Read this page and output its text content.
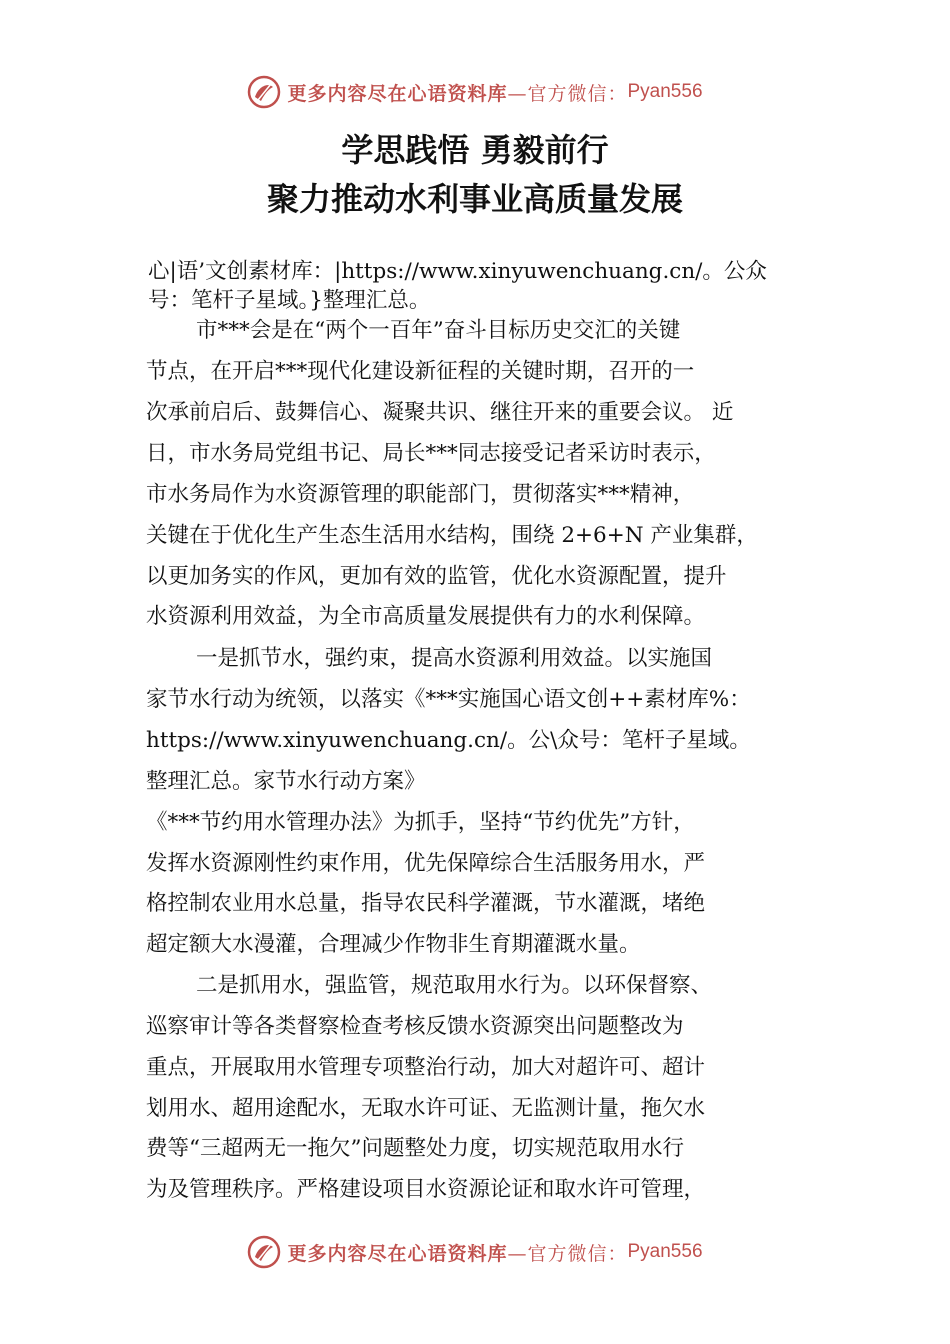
更多内容尽在心语资料库 —官方微信： Pyan556
学思践悟 勇毅前行
聚力推动水利事业高质量发展
心|语’文创素材库：|https://www.xinyuwenchuang.cn/。公众
号：笔杆子星域。}整理汇总。
市***会是在“两个一百年”奋斗目标历史交汇的关键
节点，在开启***现代化建设新征程的关键时期，召开的一
次承前启后、鼓舞信心、凝聚共识、继往开来的重要会议。 近
日，市水务局党组书记、局长***同志接受记者采访时表示，
市水务局作为水资源管理的职能部门，贯彻落实***精神，
关键在于优化生产生态生活用水结构，围绕 2+6+N 产业集群，
以更加务实的作风，更加有效的监管，优化水资源配置，提升
水资源利用效益，为全市高质量发展提供有力的水利保障。
一是抓节水，强约束，提高水资源利用效益。以实施国
家节水行动为统领，以落实《***实施国心语文创++素材库%：
https://www.xinyuwenchuang.cn/。公\众号：笔杆子星域。
整理汇总。家节水行动方案》
《***节约用水管理办法》为抓手，坚持“节约优先”方针，
发挥水资源刚性约束作用，优先保障综合生活服务用水，严
格控制农业用水总量，指导农民科学灌溉，节水灌溉，堵绝
超定额大水漫灌，合理减少作物非生育期灌溉水量。
二是抓用水，强监管，规范取用水行为。以环保督察、
巡察审计等各类督察检查考核反馈水资源突出问题整改为
重点，开展取用水管理专项整治行动，加大对超许可、超计
划用水、超用途配水，无取水许可证、无监测计量，拖欠水
费等“三超两无一拖欠”问题整处力度，切实规范取用水行
为及管理秩序。严格建设项目水资源论证和取水许可管理，
更多内容尽在心语资料库 —官方微信： Pyan556
